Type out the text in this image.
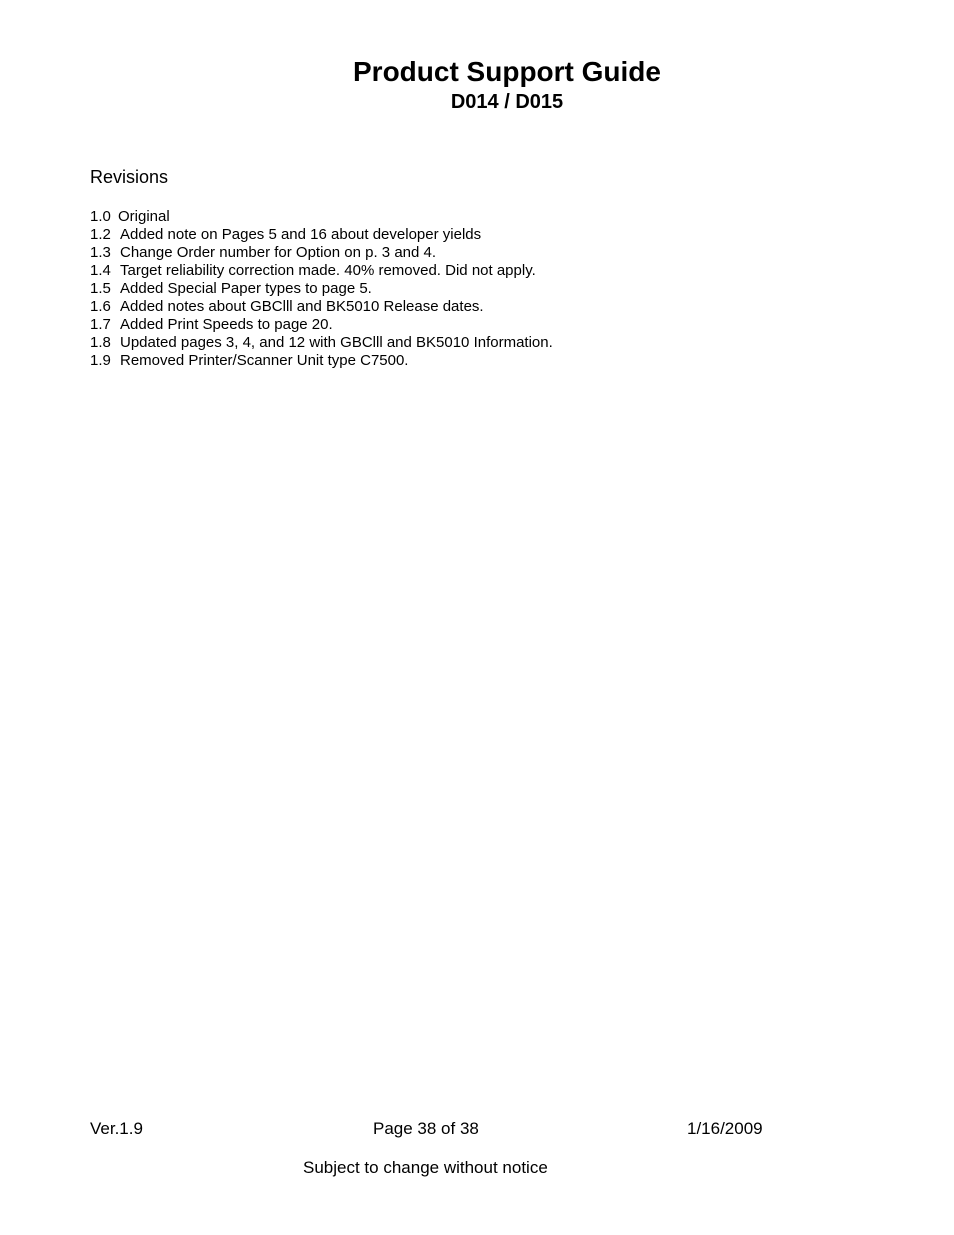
Product Support Guide
D014 / D015
Revisions
1.0 Original
1.2 Added note on Pages 5 and 16 about developer yields
1.3 Change Order number for Option on p. 3 and 4.
1.4 Target reliability correction made. 40% removed. Did not apply.
1.5 Added Special Paper types to page 5.
1.6 Added notes about GBClll and BK5010 Release dates.
1.7 Added Print Speeds to page 20.
1.8 Updated pages 3, 4, and 12 with GBClll and BK5010 Information.
1.9 Removed Printer/Scanner Unit type C7500.
Ver.1.9	Page 38 of 38	1/16/2009
Subject to change without notice
